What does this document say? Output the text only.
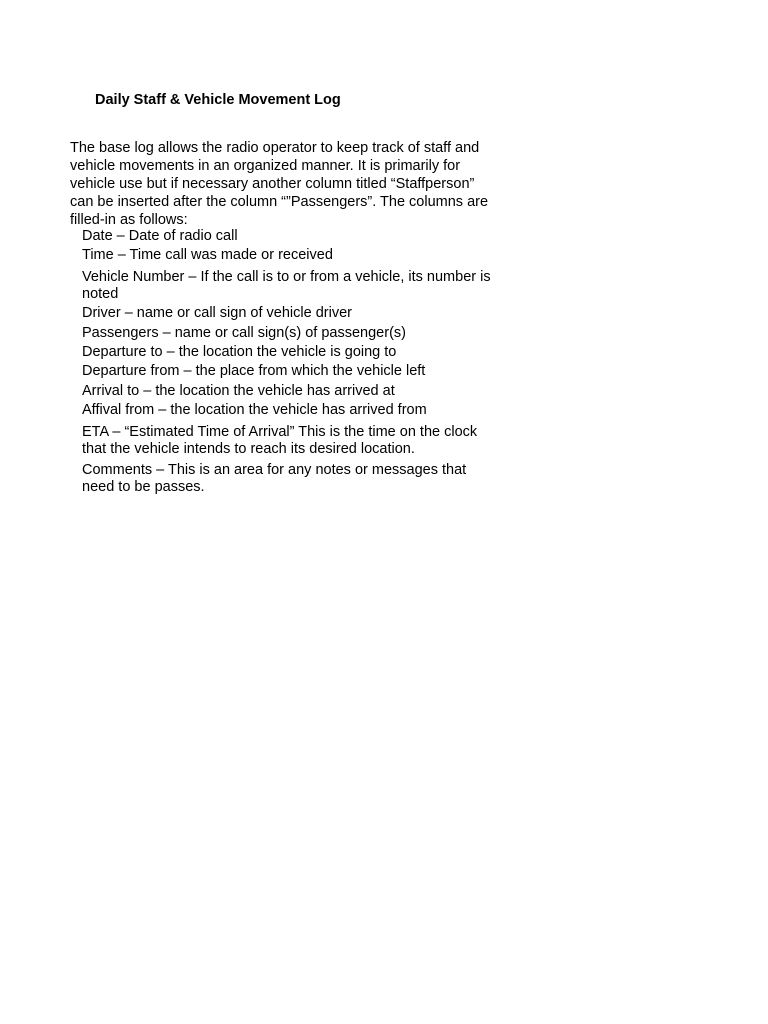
Daily Staff & Vehicle Movement Log
The base log allows the radio operator to keep track of staff and
vehicle movements in an organized manner. It is primarily for
vehicle use but if necessary another column titled “Staffperson”
can be inserted after the column “”Passengers”. The columns are
filled-in as follows:
Date – Date of radio call
Time – Time call was made or received
Vehicle Number – If the call is to or from a vehicle, its number is
noted
Driver – name or call sign of vehicle driver
Passengers – name or call sign(s) of passenger(s)
Departure to – the location the vehicle is going to
Departure from – the place from which the vehicle left
Arrival to – the location the vehicle has arrived at
Affival from – the location the vehicle has arrived from
ETA – “Estimated Time of Arrival” This is the time on the clock
that the vehicle intends to reach its desired location.
Comments – This is an area for any notes or messages that
need to be passes.
